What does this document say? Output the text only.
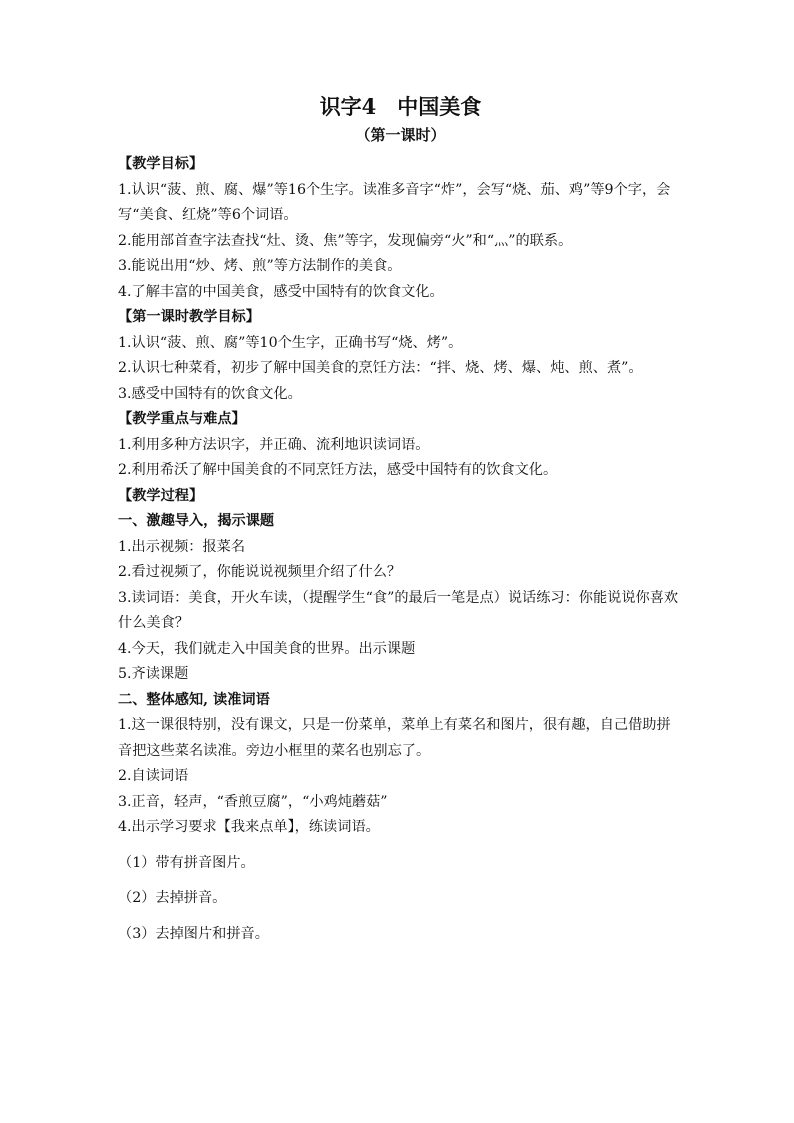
识字4　中国美食

（第一课时）

【教学目标】

1.认识“菠、煎、腐、爆”等16个生字。读准多音字“炸”，会写“烧、茄、鸡”等9个字，会写“美食、红烧”等6个词语。

2.能用部首查字法查找“灶、烫、焦”等字，发现偏旁“火”和“灬”的联系。

3.能说出用“炒、烤、煎”等方法制作的美食。

4.了解丰富的中国美食，感受中国特有的饮食文化。

【第一课时教学目标】

1.认识“菠、煎、腐”等10个生字，正确书写“烧、烤”。

2.认识七种菜肴，初步了解中国美食的烹饪方法：“拌、烧、烤、爆、炖、煎、煮”。

3.感受中国特有的饮食文化。

【教学重点与难点】

1.利用多种方法识字，并正确、流利地识读词语。

2.利用希沃了解中国美食的不同烹饪方法，感受中国特有的饮食文化。

【教学过程】

一、激趣导入，揭示课题

1.出示视频：报菜名

2.看过视频了，你能说说视频里介绍了什么？

3.读词语：美食，开火车读，（提醒学生“食”的最后一笔是点）说话练习：你能说说你喜欢什么美食？

4.今天，我们就走入中国美食的世界。出示课题

5.齐读课题

二、整体感知, 读准词语

1.这一课很特别，没有课文，只是一份菜单，菜单上有菜名和图片，很有趣，自己借助拼音把这些菜名读准。旁边小框里的菜名也别忘了。

2.自读词语

3.正音，轻声，“香煎豆腐”，“小鸡炖蘑菇”

4.出示学习要求【我来点单】，练读词语。

（1）带有拼音图片。

（2）去掉拼音。

（3）去掉图片和拼音。
